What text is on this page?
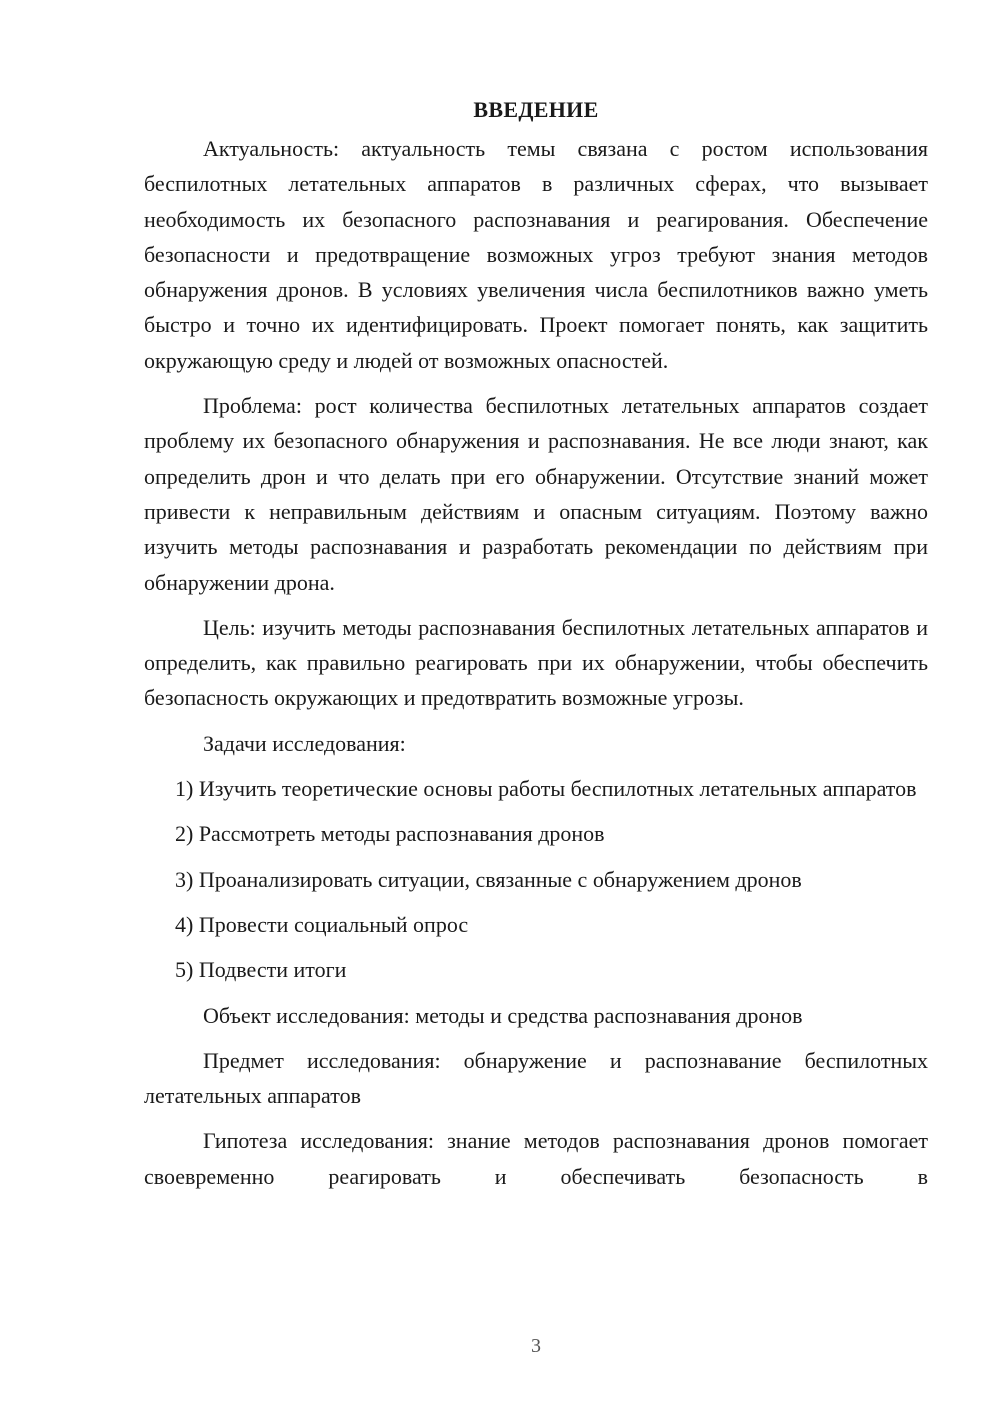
ВВЕДЕНИЕ

Актуальность: актуальность темы связана с ростом использования беспилотных летательных аппаратов в различных сферах, что вызывает необходимость их безопасного распознавания и реагирования. Обеспечение безопасности и предотвращение возможных угроз требуют знания методов обнаружения дронов. В условиях увеличения числа беспилотников важно уметь быстро и точно их идентифицировать. Проект помогает понять, как защитить окружающую среду и людей от возможных опасностей.

Проблема: рост количества беспилотных летательных аппаратов создает проблему их безопасного обнаружения и распознавания. Не все люди знают, как определить дрон и что делать при его обнаружении. Отсутствие знаний может привести к неправильным действиям и опасным ситуациям. Поэтому важно изучить методы распознавания и разработать рекомендации по действиям при обнаружении дрона.

Цель: изучить методы распознавания беспилотных летательных аппаратов и определить, как правильно реагировать при их обнаружении, чтобы обеспечить безопасность окружающих и предотвратить возможные угрозы.

Задачи исследования:

1) Изучить теоретические основы работы беспилотных летательных аппаратов

2) Рассмотреть методы распознавания дронов

3) Проанализировать ситуации, связанные с обнаружением дронов

4) Провести социальный опрос

5) Подвести итоги

Объект исследования: методы и средства распознавания дронов

Предмет исследования: обнаружение и распознавание беспилотных летательных аппаратов

Гипотеза исследования: знание методов распознавания дронов помогает своевременно реагировать и обеспечивать безопасность в

3
